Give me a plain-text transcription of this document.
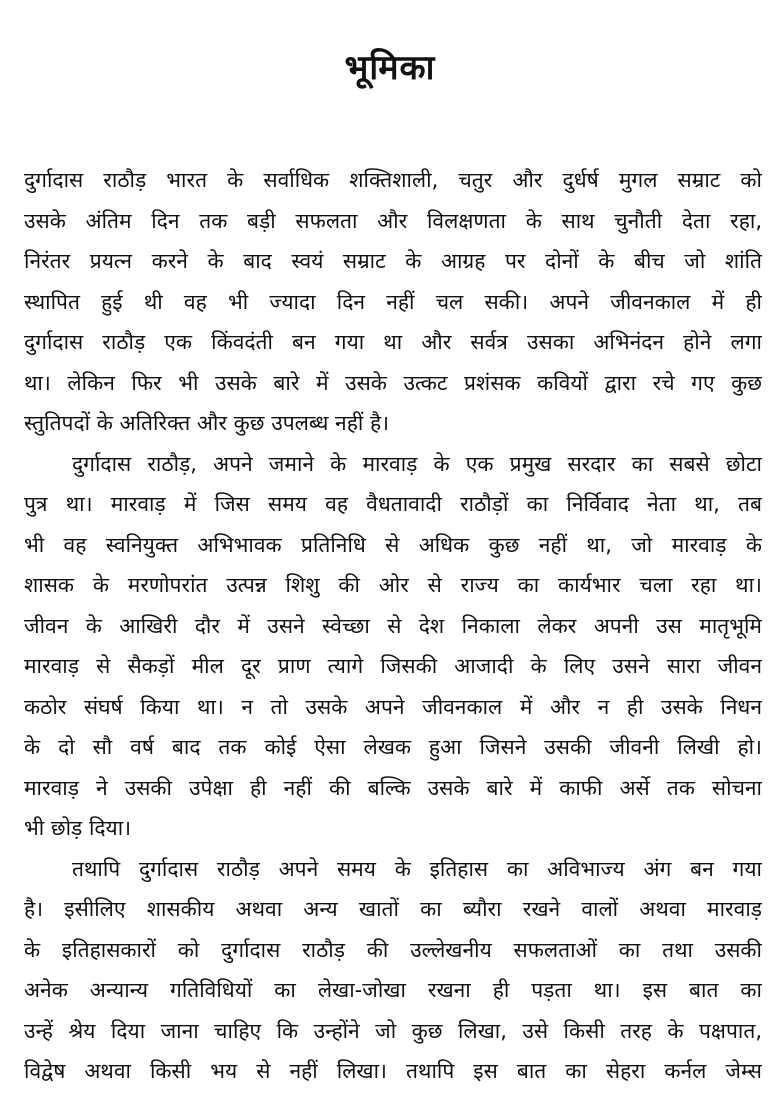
भूमिका
दुर्गादास राठौड़ भारत के सर्वाधिक शक्तिशाली, चतुर और दुर्धर्ष मुगल सम्राट को
उसके अंतिम दिन तक बड़ी सफलता और विलक्षणता के साथ चुनौती देता रहा,
निरंतर प्रयत्न करने के बाद स्वयं सम्राट के आग्रह पर दोनों के बीच जो शांति
स्थापित हुई थी वह भी ज्यादा दिन नहीं चल सकी। अपने जीवनकाल में ही
दुर्गादास राठौड़ एक किंवदंती बन गया था और सर्वत्र उसका अभिनंदन होने लगा
था। लेकिन फिर भी उसके बारे में उसके उत्कट प्रशंसक कवियों द्वारा रचे गए कुछ
स्तुतिपदों के अतिरिक्त और कुछ उपलब्ध नहीं है।
दुर्गादास राठौड़, अपने जमाने के मारवाड़ के एक प्रमुख सरदार का सबसे छोटा
पुत्र था। मारवाड़ में जिस समय वह वैधतावादी राठौड़ों का निर्विवाद नेता था, तब
भी वह स्वनियुक्त अभिभावक प्रतिनिधि से अधिक कुछ नहीं था, जो मारवाड़ के
शासक के मरणोपरांत उत्पन्न शिशु की ओर से राज्य का कार्यभार चला रहा था।
जीवन के आखिरी दौर में उसने स्वेच्छा से देश निकाला लेकर अपनी उस मातृभूमि
मारवाड़ से सैकड़ों मील दूर प्राण त्यागे जिसकी आजादी के लिए उसने सारा जीवन
कठोर संघर्ष किया था। न तो उसके अपने जीवनकाल में और न ही उसके निधन
के दो सौ वर्ष बाद तक कोई ऐसा लेखक हुआ जिसने उसकी जीवनी लिखी हो।
मारवाड़ ने उसकी उपेक्षा ही नहीं की बल्कि उसके बारे में काफी अर्से तक सोचना
भी छोड़ दिया।
तथापि दुर्गादास राठौड़ अपने समय के इतिहास का अविभाज्य अंग बन गया
है। इसीलिए शासकीय अथवा अन्य खातों का ब्यौरा रखने वालों अथवा मारवाड़
के इतिहासकारों को दुर्गादास राठौड़ की उल्लेखनीय सफलताओं का तथा उसकी
अनेक अन्यान्य गतिविधियों का लेखा-जोखा रखना ही पड़ता था। इस बात का
उन्हें श्रेय दिया जाना चाहिए कि उन्होंने जो कुछ लिखा, उसे किसी तरह के पक्षपात,
विद्वेष अथवा किसी भय से नहीं लिखा। तथापि इस बात का सेहरा कर्नल जेम्स
